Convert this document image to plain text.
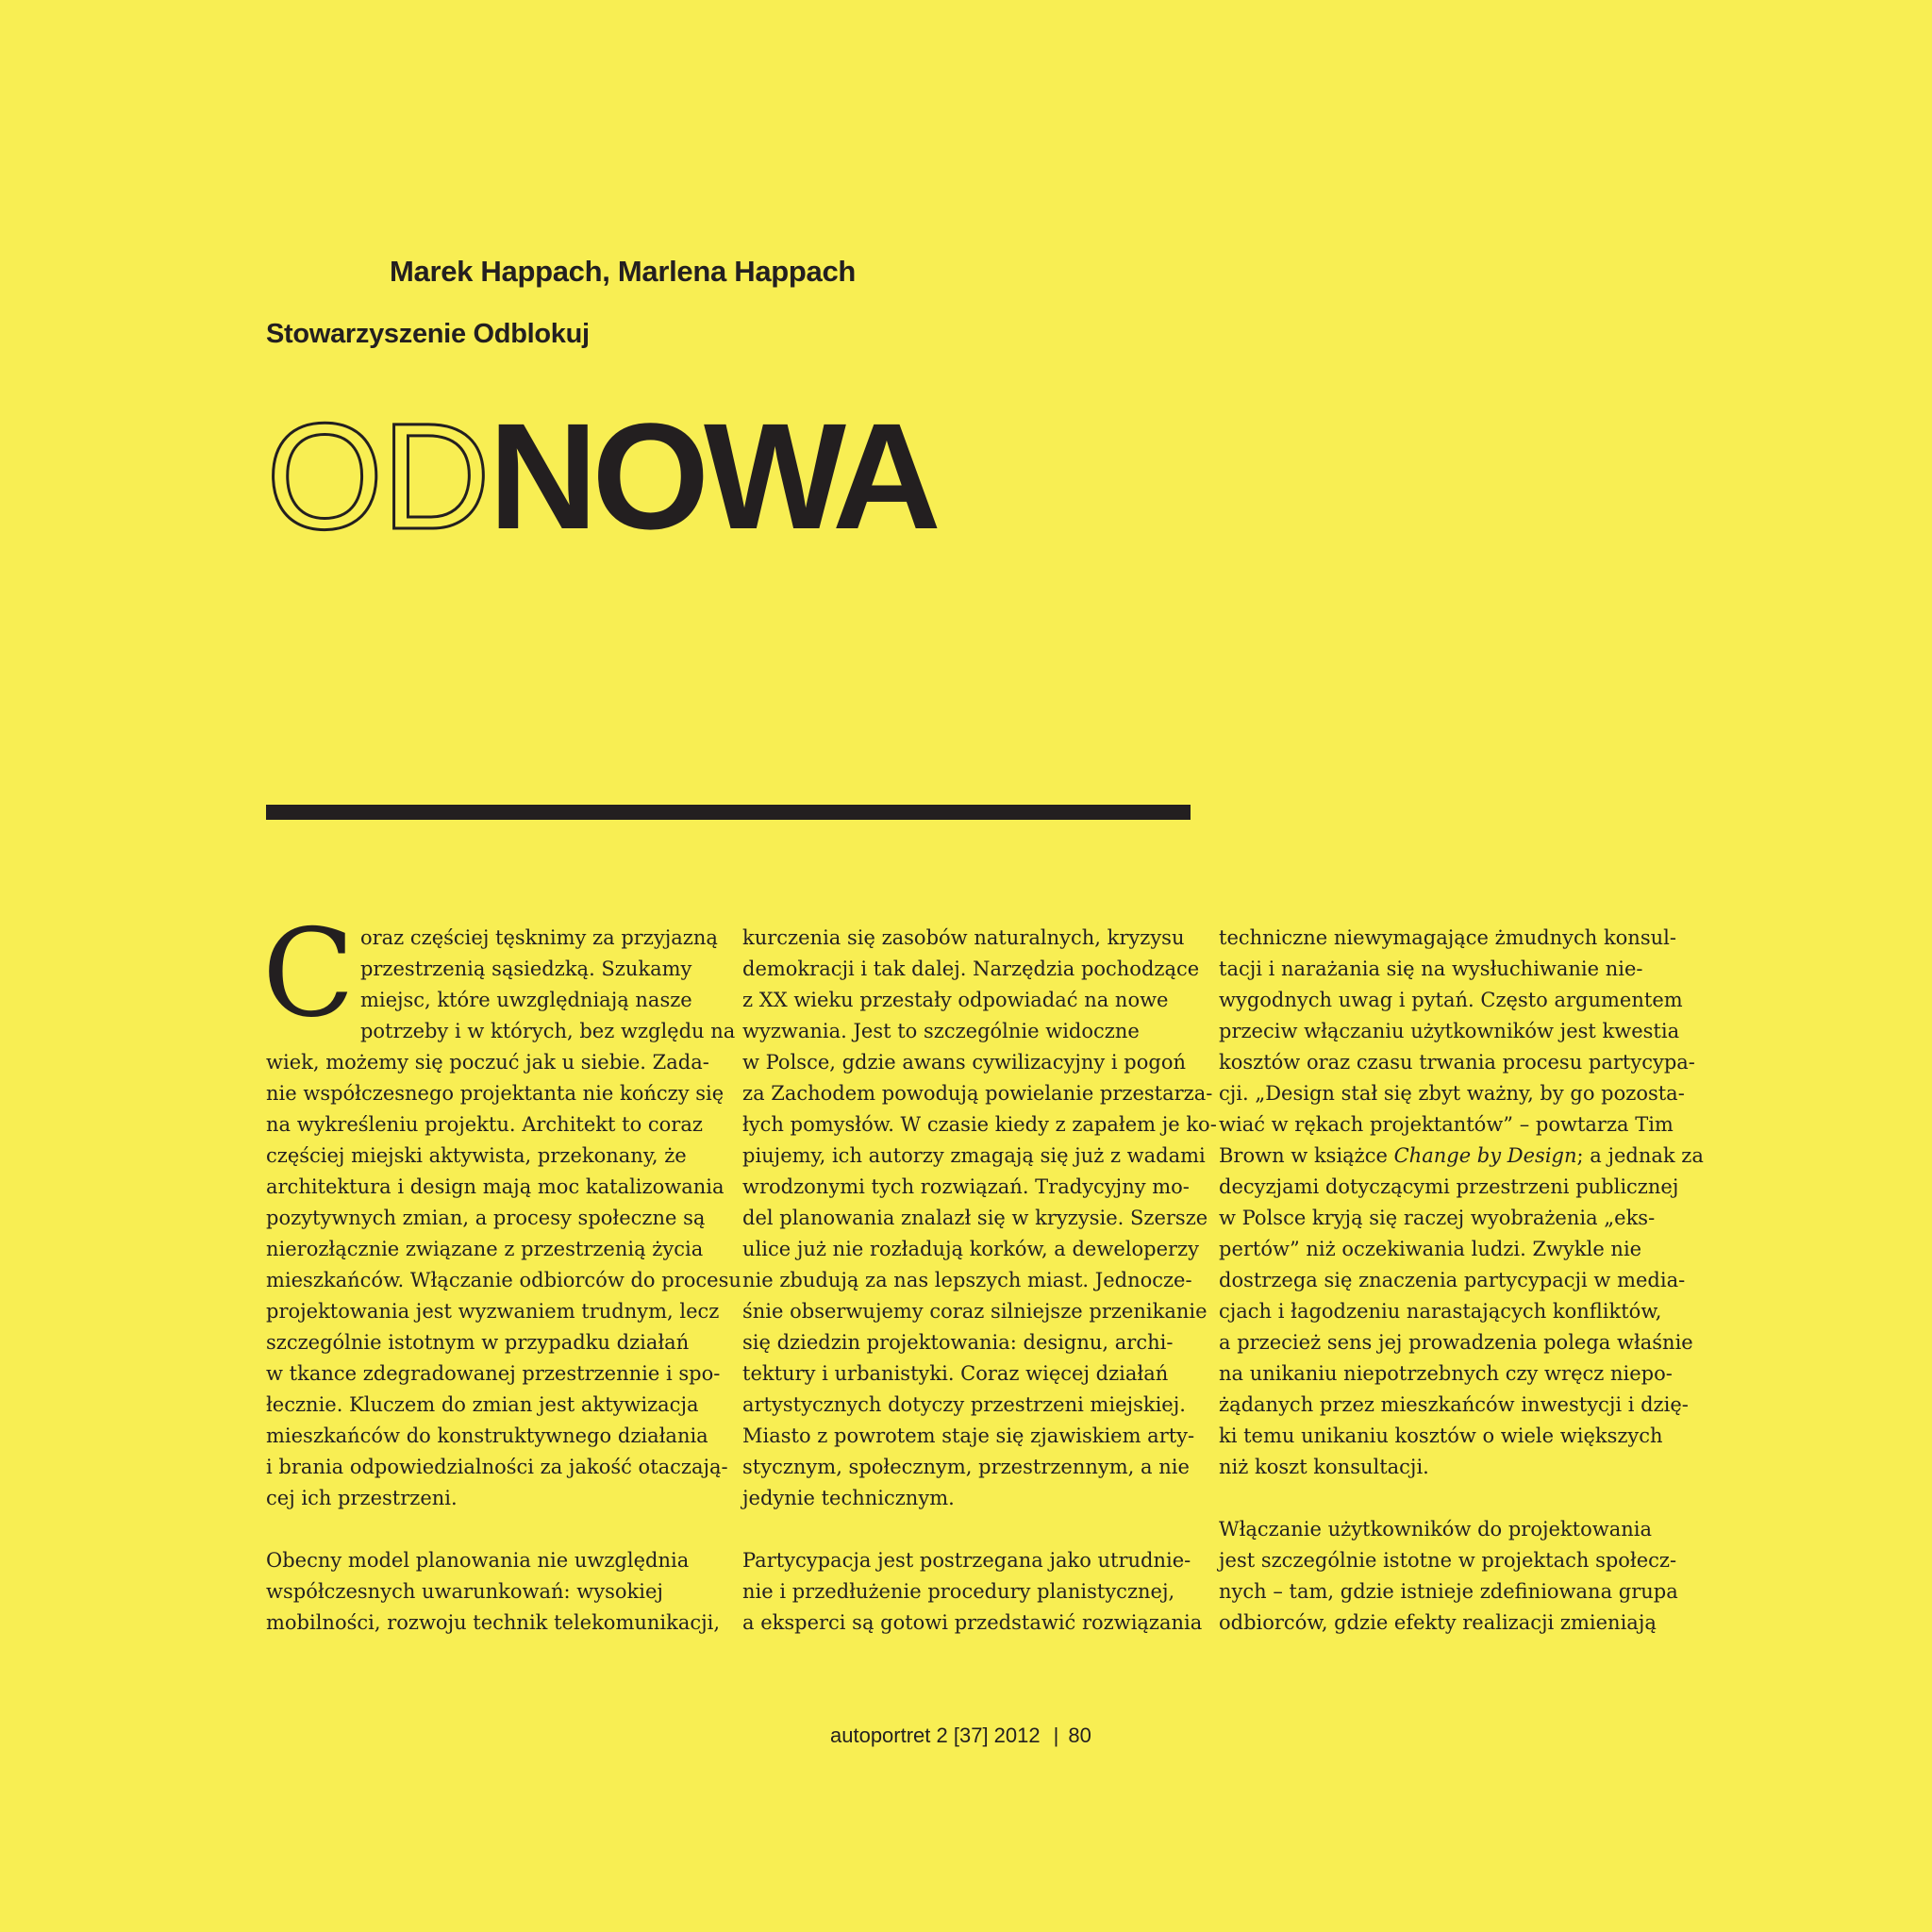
Marek Happach, Marlena Happach
Stowarzyszenie Odblokuj
ODNOWA

C oraz częściej tęsknimy za przyjazną
przestrzenią sąsiedzką. Szukamy
miejsc, które uwzględniają nasze
potrzeby i w których, bez względu na
wiek, możemy się poczuć jak u siebie. Zada-
nie współczesnego projektanta nie kończy się
na wykreśleniu projektu. Architekt to coraz
częściej miejski aktywista, przekonany, że
architektura i design mają moc katalizowania
pozytywnych zmian, a procesy społeczne są
nierozłącznie związane z przestrzenią życia
mieszkańców. Włączanie odbiorców do procesu
projektowania jest wyzwaniem trudnym, lecz
szczególnie istotnym w przypadku działań
w tkance zdegradowanej przestrzennie i spo-
łecznie. Kluczem do zmian jest aktywizacja
mieszkańców do konstruktywnego działania
i brania odpowiedzialności za jakość otaczają-
cej ich przestrzeni.

Obecny model planowania nie uwzględnia
współczesnych uwarunkowań: wysokiej
mobilności, rozwoju technik telekomunikacji,

kurczenia się zasobów naturalnych, kryzysu
demokracji i tak dalej. Narzędzia pochodzące
z XX wieku przestały odpowiadać na nowe
wyzwania. Jest to szczególnie widoczne
w Polsce, gdzie awans cywilizacyjny i pogoń
za Zachodem powodują powielanie przestarza-
łych pomysłów. W czasie kiedy z zapałem je ko-
piujemy, ich autorzy zmagają się już z wadami
wrodzonymi tych rozwiązań. Tradycyjny mo-
del planowania znalazł się w kryzysie. Szersze
ulice już nie rozładują korków, a deweloperzy
nie zbudują za nas lepszych miast. Jednocze-
śnie obserwujemy coraz silniejsze przenikanie
się dziedzin projektowania: designu, archi-
tektury i urbanistyki. Coraz więcej działań
artystycznych dotyczy przestrzeni miejskiej.
Miasto z powrotem staje się zjawiskiem arty-
stycznym, społecznym, przestrzennym, a nie
jedynie technicznym.

Partycypacja jest postrzegana jako utrudnie-
nie i przedłużenie procedury planistycznej,
a eksperci są gotowi przedstawić rozwiązania

techniczne niewymagające żmudnych konsul-
tacji i narażania się na wysłuchiwanie nie-
wygodnych uwag i pytań. Często argumentem
przeciw włączaniu użytkowników jest kwestia
kosztów oraz czasu trwania procesu partycypa-
cji. „Design stał się zbyt ważny, by go pozosta-
wiać w rękach projektantów” – powtarza Tim
Brown w książce Change by Design; a jednak za
decyzjami dotyczącymi przestrzeni publicznej
w Polsce kryją się raczej wyobrażenia „eks-
pertów” niż oczekiwania ludzi. Zwykle nie
dostrzega się znaczenia partycypacji w media-
cjach i łagodzeniu narastających konfliktów,
a przecież sens jej prowadzenia polega właśnie
na unikaniu niepotrzebnych czy wręcz niepo-
żądanych przez mieszkańców inwestycji i dzię-
ki temu unikaniu kosztów o wiele większych
niż koszt konsultacji.

Włączanie użytkowników do projektowania
jest szczególnie istotne w projektach społecz-
nych – tam, gdzie istnieje zdefiniowana grupa
odbiorców, gdzie efekty realizacji zmieniają

autoportret 2 [37] 2012 | 80
